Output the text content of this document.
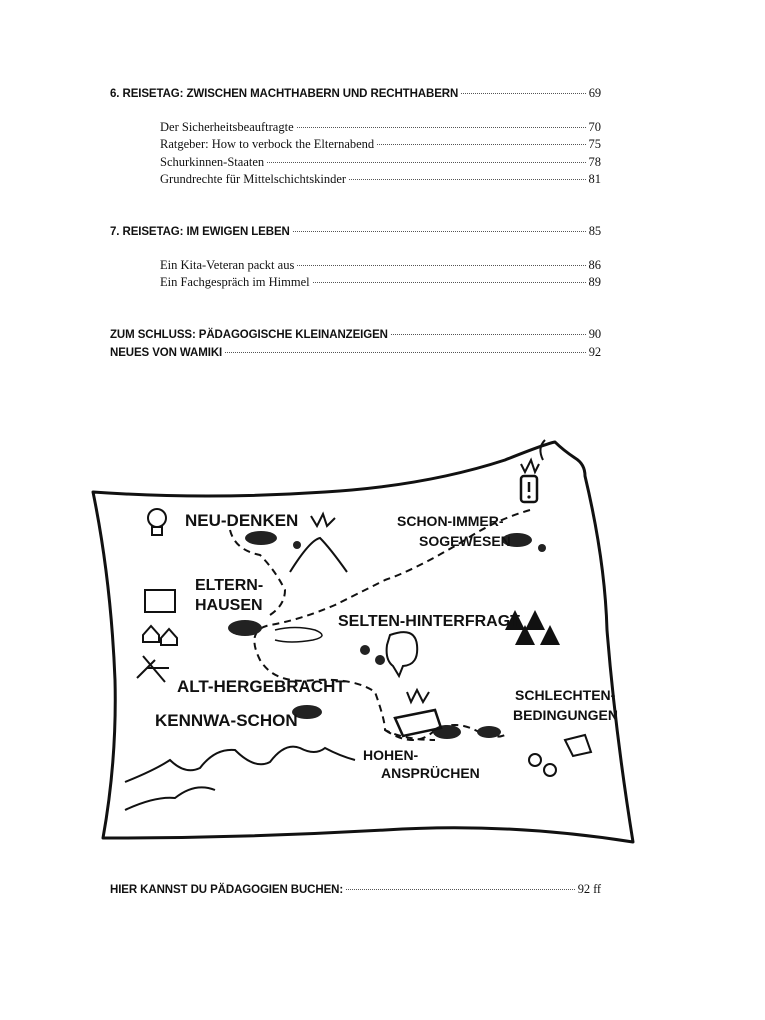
6. REISETAG: ZWISCHEN MACHTHABERN UND RECHTHABERN	69
Der Sicherheitsbeauftragte	70
Ratgeber: How to verbock the Elternabend	75
Schurkinnen-Staaten	78
Grundrechte für Mittelschichtskinder	81
7. REISETAG: IM EWIGEN LEBEN	85
Ein Kita-Veteran packt aus	86
Ein Fachgespräch im Himmel	89
ZUM SCHLUSS: PÄDAGOGISCHE KLEINANZEIGEN	90
NEUES VON WAMIKI	92
NEU-DENKEN	SCHON-IMMER-
SOGEWESEN
ELTERN-
HAUSEN
SELTEN-HINTERFRAGT
ALT-HERGEBRACHT
KENNWA-SCHON
SCHLECHTEN-
BEDINGUNGEN
HOHEN-
ANSPRÜCHEN
HIER KANNST DU PÄDAGOGIEN BUCHEN:	92 ff
